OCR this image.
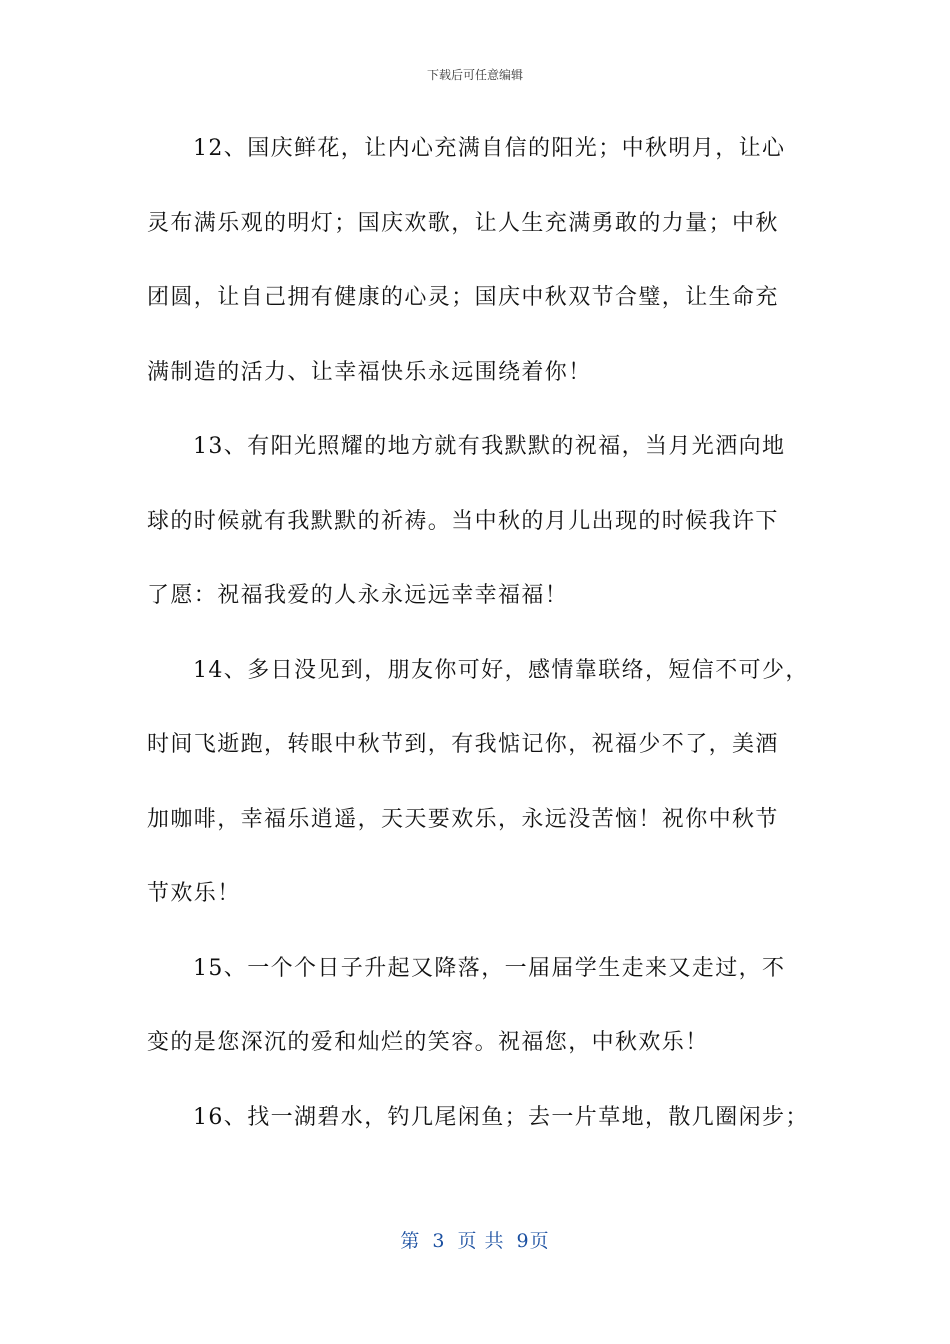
下载后可任意编辑
12、国庆鲜花，让内心充满自信的阳光；中秋明月，让心
灵布满乐观的明灯；国庆欢歌，让人生充满勇敢的力量；中秋
团圆，让自己拥有健康的心灵；国庆中秋双节合璧，让生命充
满制造的活力、让幸福快乐永远围绕着你！
13、有阳光照耀的地方就有我默默的祝福，当月光洒向地
球的时候就有我默默的祈祷。当中秋的月儿出现的时候我许下
了愿：祝福我爱的人永永远远幸幸福福！
14、多日没见到，朋友你可好，感情靠联络，短信不可少，
时间飞逝跑，转眼中秋节到，有我惦记你，祝福少不了，美酒
加咖啡，幸福乐逍遥，天天要欢乐，永远没苦恼！祝你中秋节
节欢乐！
15、一个个日子升起又降落，一届届学生走来又走过，不
变的是您深沉的爱和灿烂的笑容。祝福您，中秋欢乐！
16、找一湖碧水，钓几尾闲鱼；去一片草地，散几圈闲步；
第 3 页 共 9页
